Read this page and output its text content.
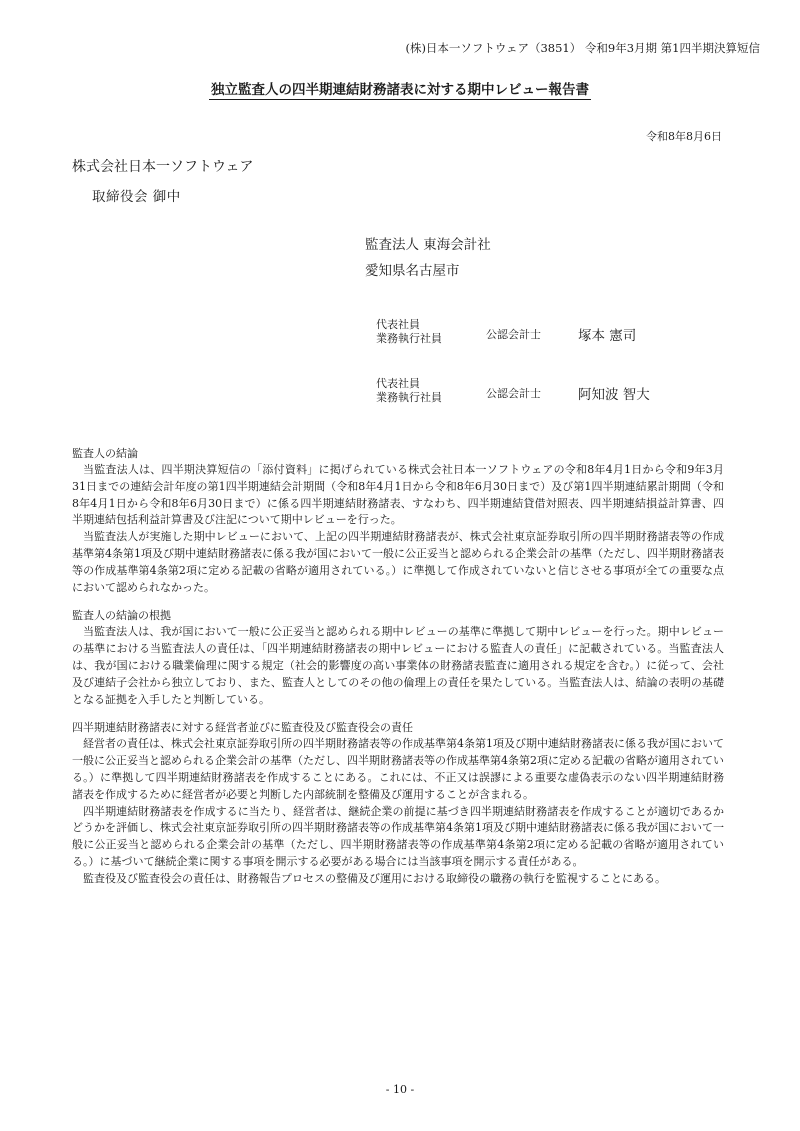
(株)日本一ソフトウェア（3851） 令和9年3月期 第1四半期決算短信
独立監査人の四半期連結財務諸表に対する期中レビュー報告書
令和8年8月6日
株式会社日本一ソフトウェア
取締役会 御中
監査法人 東海会計社
愛知県名古屋市
代表社員
業務執行社員	公認会計士	塚本 憲司
代表社員
業務執行社員	公認会計士	阿知波 智大
監査人の結論

当監査法人は、四半期決算短信の「添付資料」に掲げられている株式会社日本一ソフトウェアの令和8年4月1日から令和9年3月31日までの連結会計年度の第1四半期連結会計期間（令和8年4月1日から令和8年6月30日まで）及び第1四半期連結累計期間（令和8年4月1日から令和8年6月30日まで）に係る四半期連結財務諸表、すなわち、四半期連結貸借対照表、四半期連結損益計算書、四半期連結包括利益計算書及び注記について期中レビューを行った。

当監査法人が実施した期中レビューにおいて、上記の四半期連結財務諸表が、株式会社東京証券取引所の四半期財務諸表等の作成基準第4条第1項及び期中連結財務諸表に係る我が国において一般に公正妥当と認められる企業会計の基準（ただし、四半期財務諸表等の作成基準第4条第2項に定める記載の省略が適用されている。）に準拠して作成されていないと信じさせる事項が全ての重要な点において認められなかった。

監査人の結論の根拠

当監査法人は、我が国において一般に公正妥当と認められる期中レビューの基準に準拠して期中レビューを行った。期中レビューの基準における当監査法人の責任は、「四半期連結財務諸表の期中レビューにおける監査人の責任」に記載されている。当監査法人は、我が国における職業倫理に関する規定（社会的影響度の高い事業体の財務諸表監査に適用される規定を含む。）に従って、会社及び連結子会社から独立しており、また、監査人としてのその他の倫理上の責任を果たしている。当監査法人は、結論の表明の基礎となる証拠を入手したと判断している。

四半期連結財務諸表に対する経営者並びに監査役及び監査役会の責任

経営者の責任は、株式会社東京証券取引所の四半期財務諸表等の作成基準第4条第1項及び期中連結財務諸表に係る我が国において一般に公正妥当と認められる企業会計の基準（ただし、四半期財務諸表等の作成基準第4条第2項に定める記載の省略が適用されている。）に準拠して四半期連結財務諸表を作成することにある。これには、不正又は誤謬による重要な虚偽表示のない四半期連結財務諸表を作成するために経営者が必要と判断した内部統制を整備及び運用することが含まれる。

四半期連結財務諸表を作成するに当たり、経営者は、継続企業の前提に基づき四半期連結財務諸表を作成することが適切であるかどうかを評価し、株式会社東京証券取引所の四半期財務諸表等の作成基準第4条第1項及び期中連結財務諸表に係る我が国において一般に公正妥当と認められる企業会計の基準（ただし、四半期財務諸表等の作成基準第4条第2項に定める記載の省略が適用されている。）に基づいて継続企業に関する事項を開示する必要がある場合には当該事項を開示する責任がある。

監査役及び監査役会の責任は、財務報告プロセスの整備及び運用における取締役の職務の執行を監視することにある。

- 10 -
